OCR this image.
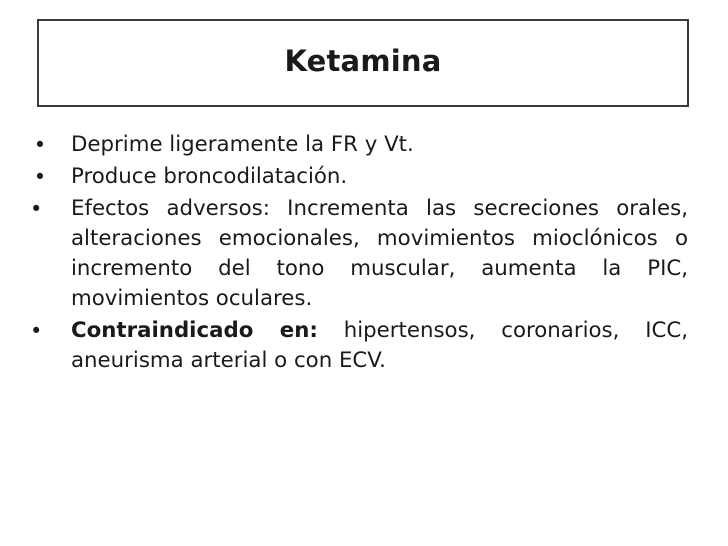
Ketamina
• Deprime ligeramente la FR y Vt.
• Produce broncodilatación.
•	Efectos adversos: Incrementa las secreciones orales, alteraciones emocionales, movimientos mioclónicos o incremento del tono muscular, aumenta la PIC, movimientos oculares.
•	Contraindicado en: hipertensos, coronarios, ICC, aneurisma arterial o con ECV.
